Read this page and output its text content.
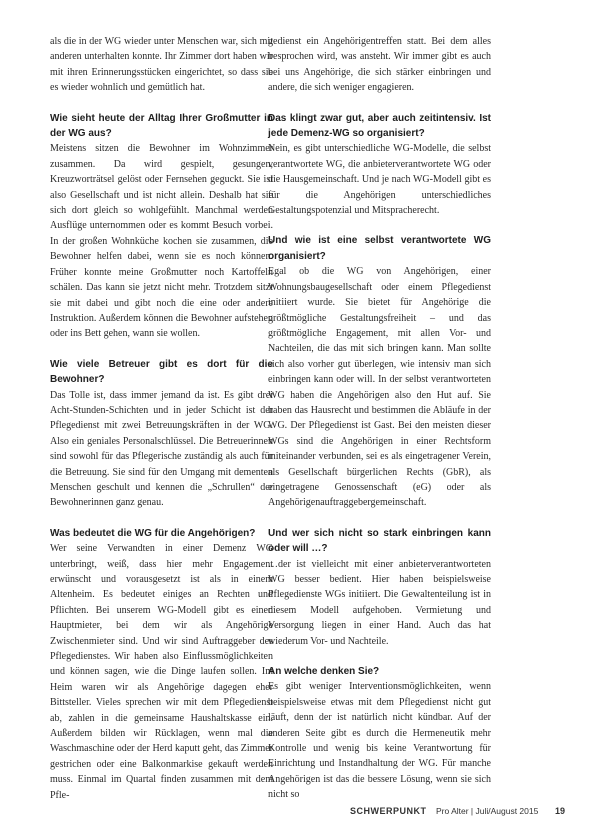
als die in der WG wieder unter Menschen war, sich mit anderen unterhalten konnte. Ihr Zimmer dort haben wir mit ihren Erinnerungsstücken eingerichtet, so dass sie es wieder wohnlich und gemütlich hat.

Wie sieht heute der Alltag Ihrer Großmutter in der WG aus?

Meistens sitzen die Bewohner im Wohnzimmer zusammen. Da wird gespielt, gesungen, Kreuzworträtsel gelöst oder Fernsehen geguckt. Sie ist also Gesellschaft und ist nicht allein. Deshalb hat sie sich dort gleich so wohlgefühlt. Manchmal werden Ausflüge unternommen oder es kommt Besuch vorbei. In der großen Wohnküche kochen sie zusammen, die Bewohner helfen dabei, wenn sie es noch können. Früher konnte meine Großmutter noch Kartoffeln schälen. Das kann sie jetzt nicht mehr. Trotzdem sitzt sie mit dabei und gibt noch die eine oder andere Instruktion. Außerdem können die Bewohner aufstehen oder ins Bett gehen, wann sie wollen.

Wie viele Betreuer gibt es dort für die Bewohner?

Das Tolle ist, dass immer jemand da ist. Es gibt drei Acht-Stunden-Schichten und in jeder Schicht ist der Pflegedienst mit zwei Betreuungskräften in der WG. Also ein geniales Personalschlüssel. Die Betreuerinnen sind sowohl für das Pflegerische zuständig als auch für die Betreuung. Sie sind für den Umgang mit dementen Menschen geschult und kennen die „Schrullen“ der Bewohnerinnen ganz genau.

Was bedeutet die WG für die Angehörigen?

Wer seine Verwandten in einer Demenz WG unterbringt, weiß, dass hier mehr Engagement erwünscht und vorausgesetzt ist als in einem Altenheim. Es bedeutet einiges an Rechten und Pflichten. Bei unserem WG-Modell gibt es einen Hauptmieter, bei dem wir als Angehörige Zwischenmieter sind. Und wir sind Auftraggeber des Pflegedienstes. Wir haben also Einflussmöglichkeiten und können sagen, wie die Dinge laufen sollen. Im Heim waren wir als Angehörige dagegen eher Bittsteller. Vieles sprechen wir mit dem Pflegedienst ab, zahlen in die gemeinsame Haushaltskasse ein. Außerdem bilden wir Rücklagen, wenn mal die Waschmaschine oder der Herd kaputt geht, das Zimmer gestrichen oder eine Balkonmarkise gekauft werden muss. Einmal im Quartal finden zusammen mit dem Pfle-

gedienst ein Angehörigentreffen statt. Bei dem alles besprochen wird, was ansteht. Wir immer gibt es auch bei uns Angehörige, die sich stärker einbringen und andere, die sich weniger engagieren.

Das klingt zwar gut, aber auch zeitintensiv. Ist jede Demenz-WG so organisiert?

Nein, es gibt unterschiedliche WG-Modelle, die selbst verantwortete WG, die anbieterverantwortete WG oder die Hausgemeinschaft. Und je nach WG-Modell gibt es für die Angehörigen unterschiedliches Gestaltungspotenzial und Mitspracherecht.

Und wie ist eine selbst verantwortete WG organisiert?

Egal ob die WG von Angehörigen, einer Wohnungsbaugesellschaft oder einem Pflegedienst initiiert wurde. Sie bietet für Angehörige die größtmögliche Gestaltungsfreiheit – und das größtmögliche Engagement, mit allen Vor- und Nachteilen, die das mit sich bringen kann. Man sollte sich also vorher gut überlegen, wie intensiv man sich einbringen kann oder will. In der selbst verantworteten WG haben die Angehörigen also den Hut auf. Sie haben das Hausrecht und bestimmen die Abläufe in der WG. Der Pflegedienst ist Gast. Bei den meisten dieser WGs sind die Angehörigen in einer Rechtsform miteinander verbunden, sei es als eingetragener Verein, als Gesellschaft bürgerlichen Rechts (GbR), als eingetragene Genossenschaft (eG) oder als Angehörigenauftraggebergemeinschaft.

Und wer sich nicht so stark einbringen kann oder will …?

…der ist vielleicht mit einer anbieterverantworteten WG besser bedient. Hier haben beispielsweise Pflegedienste WGs initiiert. Die Gewaltenteilung ist in diesem Modell aufgehoben. Vermietung und Versorgung liegen in einer Hand. Auch das hat wiederum Vor- und Nachteile.

An welche denken Sie?

Es gibt weniger Interventionsmöglichkeiten, wenn beispielsweise etwas mit dem Pflegedienst nicht gut läuft, denn der ist natürlich nicht kündbar. Auf der anderen Seite gibt es durch die Hermeneutik mehr Kontrolle und wenig bis keine Verantwortung für Einrichtung und Instandhaltung der WG. Für manche Angehörigen ist das die bessere Lösung, wenn sie sich nicht so

SCHWERPUNKT Pro Alter | Juli/August 2015 19
